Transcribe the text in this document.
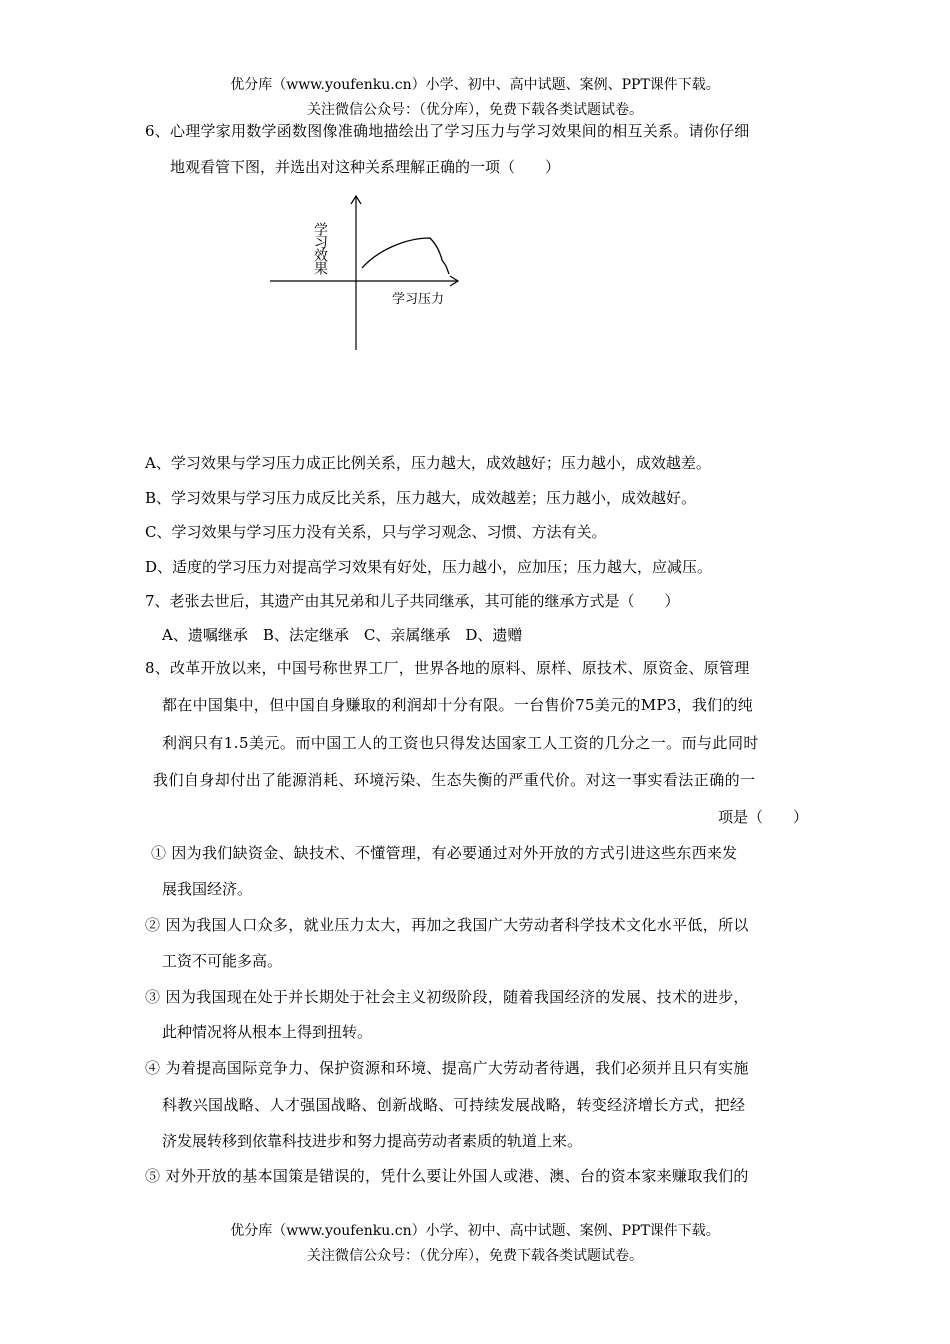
优分库（www.youfenku.cn）小学、初中、高中试题、案例、PPT课件下载。
关注微信公众号：（优分库），免费下载各类试题试卷。
6、心理学家用数学函数图像准确地描绘出了学习压力与学习效果间的相互关系。请你仔细
地观看管下图，并选出对这种关系理解正确的一项（　　）
学习效果
学习压力
A、学习效果与学习压力成正比例关系，压力越大，成效越好；压力越小，成效越差。
B、学习效果与学习压力成反比关系，压力越大，成效越差；压力越小，成效越好。
C、学习效果与学习压力没有关系，只与学习观念、习惯、方法有关。
D、适度的学习压力对提高学习效果有好处，压力越小，应加压；压力越大，应减压。
7、老张去世后，其遗产由其兄弟和儿子共同继承，其可能的继承方式是（　　）
A、遗嘱继承　B、法定继承　C、亲属继承　D、遗赠
8、改革开放以来，中国号称世界工厂，世界各地的原料、原样、原技术、原资金、原管理
都在中国集中，但中国自身赚取的利润却十分有限。一台售价75美元的MP3，我们的纯
利润只有1.5美元。而中国工人的工资也只得发达国家工人工资的几分之一。而与此同时
我们自身却付出了能源消耗、环境污染、生态失衡的严重代价。对这一事实看法正确的一
项是（　　）
① 因为我们缺资金、缺技术、不懂管理，有必要通过对外开放的方式引进这些东西来发
展我国经济。
② 因为我国人口众多，就业压力太大，再加之我国广大劳动者科学技术文化水平低，所以
工资不可能多高。
③ 因为我国现在处于并长期处于社会主义初级阶段，随着我国经济的发展、技术的进步，
此种情况将从根本上得到扭转。
④ 为着提高国际竞争力、保护资源和环境、提高广大劳动者待遇，我们必须并且只有实施
科教兴国战略、人才强国战略、创新战略、可持续发展战略，转变经济增长方式，把经
济发展转移到依靠科技进步和努力提高劳动者素质的轨道上来。
⑤ 对外开放的基本国策是错误的，凭什么要让外国人或港、澳、台的资本家来赚取我们的
优分库（www.youfenku.cn）小学、初中、高中试题、案例、PPT课件下载。
关注微信公众号：（优分库），免费下载各类试题试卷。
